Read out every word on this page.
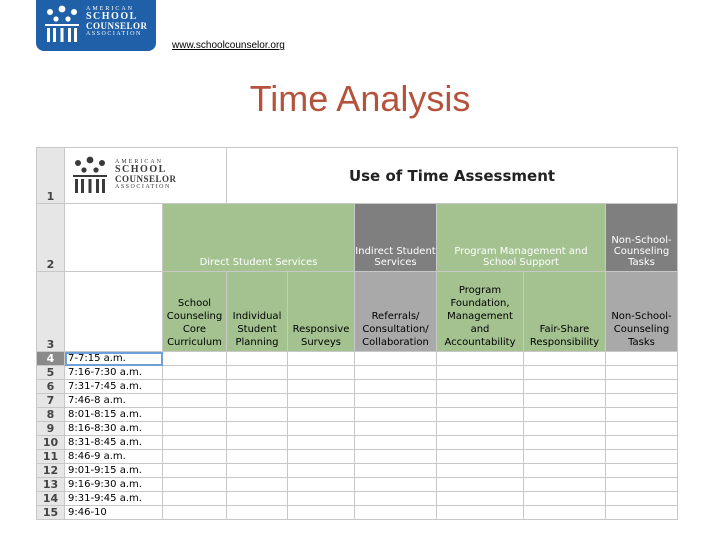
AMERICAN
SCHOOL
COUNSELOR
ASSOCIATION
www.schoolcounselor.org
Time Analysis
1	AMERICAN
SCHOOL
COUNSELOR
ASSOCIATION		Use of Time Assessment					
2		Direct Student Services			Indirect Student Services	Program Management and School Support		Non-School-Counseling Tasks
3		School Counseling Core Curriculum	Individual Student Planning	Responsive Surveys	Referrals/ Consultation/ Collaboration	Program Foundation, Management and Accountability	Fair-Share Responsibility	Non-School-Counseling Tasks
4	7-7:15 a.m.							
5	7:16-7:30 a.m.							
6	7:31-7:45 a.m.							
7	7:46-8 a.m.							
8	8:01-8:15 a.m.							
9	8:16-8:30 a.m.							
10	8:31-8:45 a.m.							
11	8:46-9 a.m.							
12	9:01-9:15 a.m.							
13	9:16-9:30 a.m.							
14	9:31-9:45 a.m.							
15	9:46-10							
